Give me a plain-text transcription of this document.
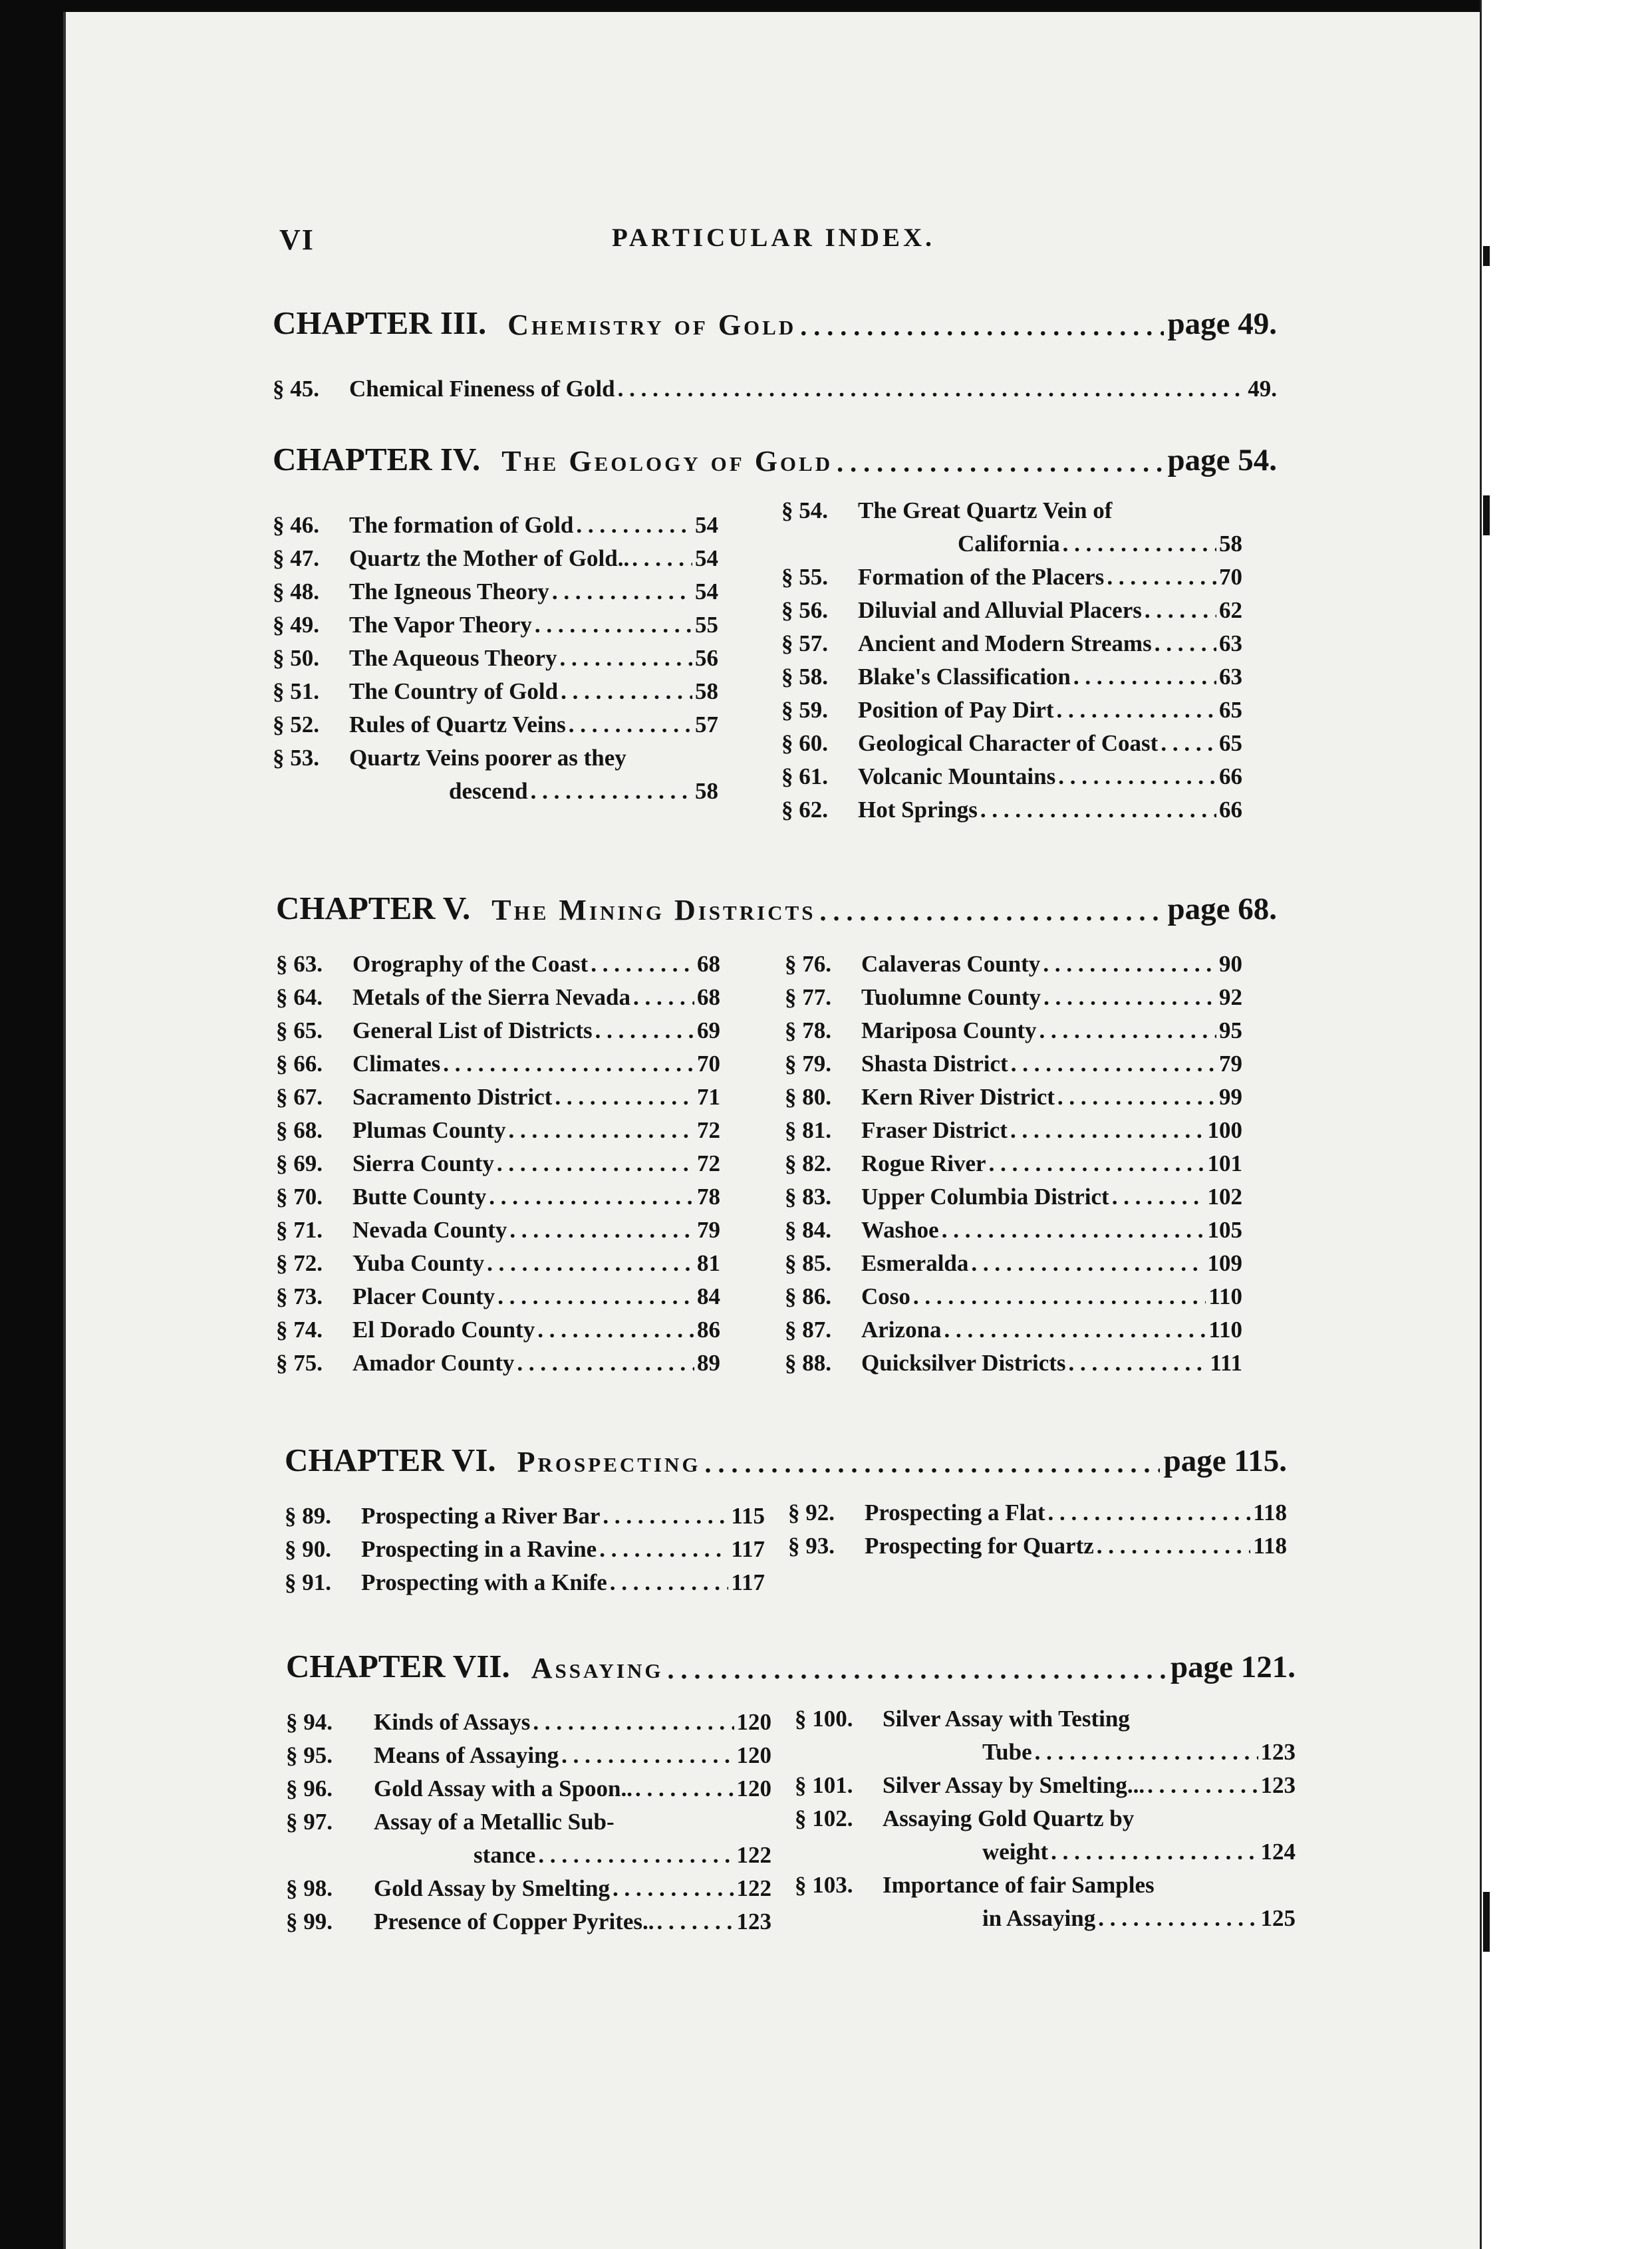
VI	PARTICULAR INDEX.
CHAPTER III. Chemistry of Gold . . .	page 49.
§ 45.	Chemical Fineness of Gold . . .	49.
CHAPTER IV. The Geology of Gold . . .	page 54.
§ 46.	The formation of Gold . . .	54
§ 47.	Quartz the Mother of Gold.. . . .	54
§ 48.	The Igneous Theory . . .	54
§ 49.	The Vapor Theory . . .	55
§ 50.	The Aqueous Theory . . .	56
§ 51.	The Country of Gold . . .	58
§ 52.	Rules of Quartz Veins . . .	57
§ 53.	Quartz Veins poorer as they
descend . . .	58
§ 54.	The Great Quartz Vein of
California . . .	58
§ 55.	Formation of the Placers . . .	70
§ 56.	Diluvial and Alluvial Placers . . .	62
§ 57.	Ancient and Modern Streams . . .	63
§ 58.	Blake's Classification . . .	63
§ 59.	Position of Pay Dirt . . .	65
§ 60.	Geological Character of Coast . . .	65
§ 61.	Volcanic Mountains . . .	66
§ 62.	Hot Springs . . .	66
CHAPTER V. The Mining Districts . . .	page 68.
§ 63.	Orography of the Coast . . .	68
§ 64.	Metals of the Sierra Nevada . . .	68
§ 65.	General List of Districts . . .	69
§ 66.	Climates . . .	70
§ 67.	Sacramento District . . .	71
§ 68.	Plumas County . . .	72
§ 69.	Sierra County . . .	72
§ 70.	Butte County . . .	78
§ 71.	Nevada County . . .	79
§ 72.	Yuba County . . .	81
§ 73.	Placer County . . .	84
§ 74.	El Dorado County . . .	86
§ 75.	Amador County . . .	89
§ 76.	Calaveras County . . .	90
§ 77.	Tuolumne County . . .	92
§ 78.	Mariposa County . . .	95
§ 79.	Shasta District . . .	79
§ 80.	Kern River District . . .	99
§ 81.	Fraser District . . .	100
§ 82.	Rogue River . . .	101
§ 83.	Upper Columbia District . . .	102
§ 84.	Washoe . . .	105
§ 85.	Esmeralda . . .	109
§ 86.	Coso . . .	110
§ 87.	Arizona . . .	110
§ 88.	Quicksilver Districts . . .	111
CHAPTER VI. Prospecting . . .	page 115.
§ 89.	Prospecting a River Bar . . .	115
§ 90.	Prospecting in a Ravine . . .	117
§ 91.	Prospecting with a Knife . . .	117
§ 92.	Prospecting a Flat . . .	118
§ 93.	Prospecting for Quartz . . .	118
CHAPTER VII. Assaying . . .	page 121.
§ 94.	Kinds of Assays . . .	120
§ 95.	Means of Assaying . . .	120
§ 96.	Gold Assay with a Spoon.. . . .	120
§ 97.	Assay of a Metallic Sub-
stance . . .	122
§ 98.	Gold Assay by Smelting . . .	122
§ 99.	Presence of Copper Pyrites.. . . .	123
§ 100.	Silver Assay with Testing
Tube . . .	123
§ 101.	Silver Assay by Smelting... . . .	123
§ 102.	Assaying Gold Quartz by
weight . . .	124
§ 103.	Importance of fair Samples
in Assaying . . .	125
